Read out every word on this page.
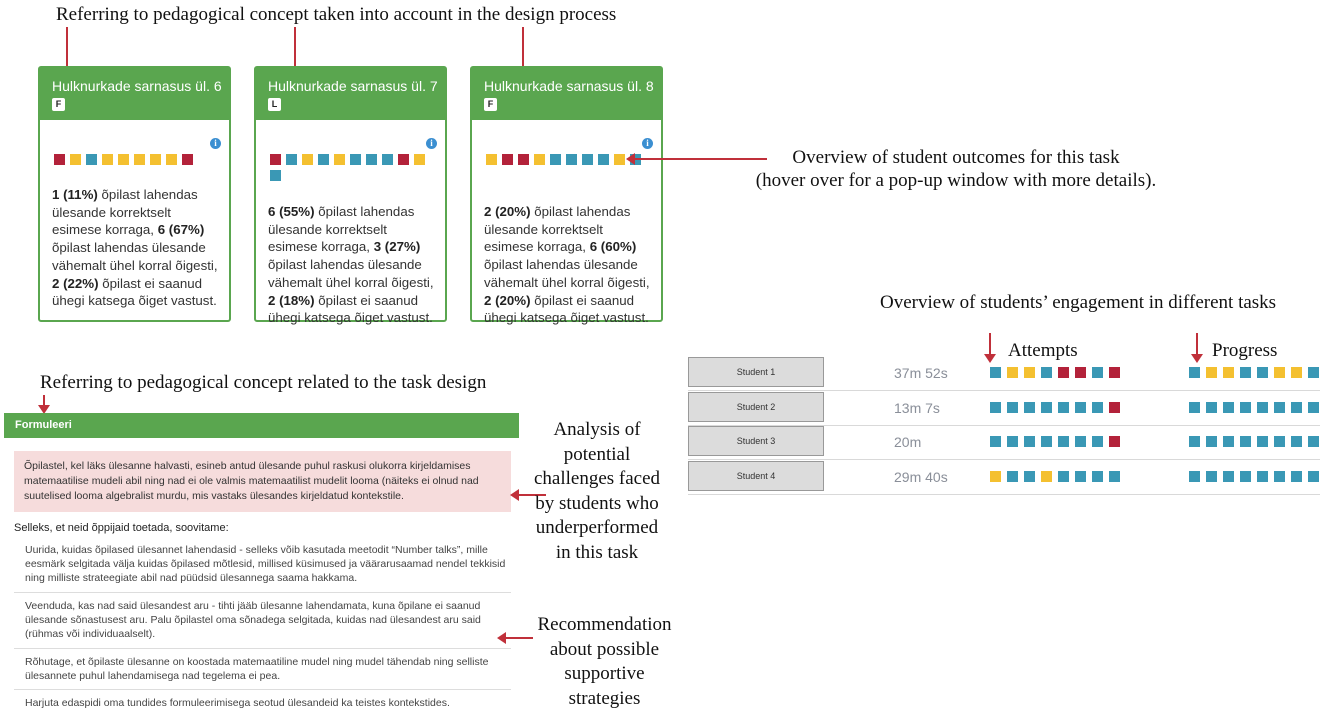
Referring to pedagogical concept taken into account in the design process
Hulknurkade sarnasus ül. 6
F
i
1 (11%) õpilast lahendas ülesande korrektselt esimese korraga, 6 (67%) õpilast lahendas ülesande vähemalt ühel korral õigesti, 2 (22%) õpilast ei saanud ühegi katsega õiget vastust.
Hulknurkade sarnasus ül. 7
L
i
6 (55%) õpilast lahendas ülesande korrektselt esimese korraga, 3 (27%) õpilast lahendas ülesande vähemalt ühel korral õigesti, 2 (18%) õpilast ei saanud ühegi katsega õiget vastust.
Hulknurkade sarnasus ül. 8
F
i
2 (20%) õpilast lahendas ülesande korrektselt esimese korraga, 6 (60%) õpilast lahendas ülesande vähemalt ühel korral õigesti, 2 (20%) õpilast ei saanud ühegi katsega õiget vastust.
Overview of student outcomes for this task
(hover over for a pop-up window with more details).
Overview of students’ engagement in different tasks
Attempts	Progress
Student 1	37m 52s
Student 2	13m 7s
Student 3	20m
Student 4	29m 40s
Referring to pedagogical concept related to the task design
Formuleeri
Õpilastel, kel läks ülesanne halvasti, esineb antud ülesande puhul raskusi olukorra kirjeldamises matemaatilise mudeli abil ning nad ei ole valmis matemaatilist mudelit looma (näiteks ei olnud nad suutelised looma algebralist murdu, mis vastaks ülesandes kirjeldatud kontekstile.
Selleks, et neid õppijaid toetada, soovitame:
Uurida, kuidas õpilased ülesannet lahendasid - selleks võib kasutada meetodit “Number talks”, mille eesmärk selgitada välja kuidas õpilased mõtlesid, millised küsimused ja väärarusaamad nendel tekkisid ning milliste strateegiate abil nad püüdsid ülesannega saama hakkama.
Veenduda, kas nad said ülesandest aru - tihti jääb ülesanne lahendamata, kuna õpilane ei saanud ülesande sõnastusest aru. Palu õpilastel oma sõnadega selgitada, kuidas nad ülesandest aru said (rühmas või individuaalselt).
Rõhutage, et õpilaste ülesanne on koostada matemaatiline mudel ning mudel tähendab ning selliste ülesannete puhul lahendamisega nad tegelema ei pea.
Harjuta edaspidi oma tundides formuleerimisega seotud ülesandeid ka teistes kontekstides.
Analysis of
potential
challenges faced
by students who
underperformed
in this task
Recommendation
about possible
supportive
strategies
